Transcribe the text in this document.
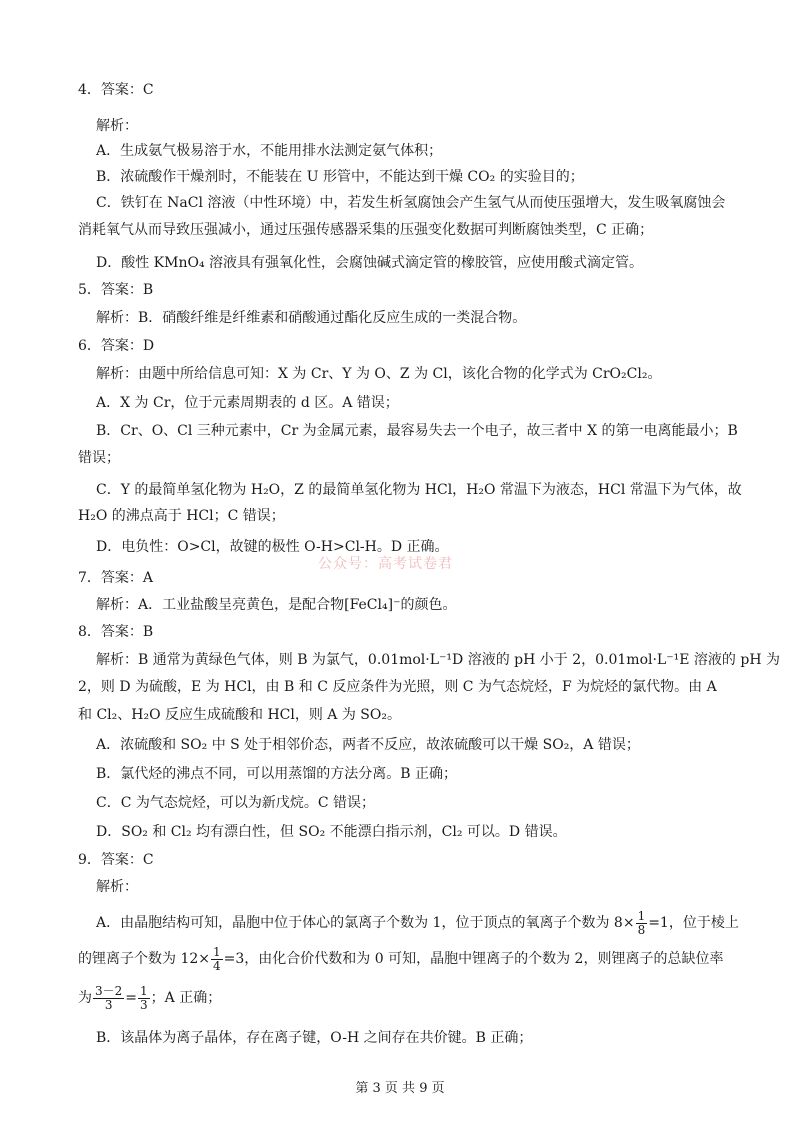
4．答案：C
解析：
A．生成氨气极易溶于水，不能用排水法测定氨气体积；
B．浓硫酸作干燥剂时，不能装在 U 形管中，不能达到干燥 CO₂ 的实验目的；
C．铁钉在 NaCl 溶液（中性环境）中，若发生析氢腐蚀会产生氢气从而使压强增大，发生吸氧腐蚀会
消耗氧气从而导致压强减小，通过压强传感器采集的压强变化数据可判断腐蚀类型，C 正确；
D．酸性 KMnO₄ 溶液具有强氧化性，会腐蚀碱式滴定管的橡胶管，应使用酸式滴定管。
5．答案：B
解析：B．硝酸纤维是纤维素和硝酸通过酯化反应生成的一类混合物。
6．答案：D
解析：由题中所给信息可知：X 为 Cr、Y 为 O、Z 为 Cl，该化合物的化学式为 CrO₂Cl₂。
A．X 为 Cr，位于元素周期表的 d 区。A 错误；
B．Cr、O、Cl 三种元素中，Cr 为金属元素，最容易失去一个电子，故三者中 X 的第一电离能最小；B
错误；
C．Y 的最简单氢化物为 H₂O，Z 的最简单氢化物为 HCl，H₂O 常温下为液态，HCl 常温下为气体，故
H₂O 的沸点高于 HCl；C 错误；
D．电负性：O>Cl，故键的极性 O-H>Cl-H。D 正确。
公众号：高考试卷君
7．答案：A
解析：A．工业盐酸呈亮黄色，是配合物[FeCl₄]⁻的颜色。
8．答案：B
解析：B 通常为黄绿色气体，则 B 为氯气，0.01mol·L⁻¹D 溶液的 pH 小于 2，0.01mol·L⁻¹E 溶液的 pH 为
2，则 D 为硫酸，E 为 HCl，由 B 和 C 反应条件为光照，则 C 为气态烷烃，F 为烷烃的氯代物。由 A
和 Cl₂、H₂O 反应生成硫酸和 HCl，则 A 为 SO₂。
A．浓硫酸和 SO₂ 中 S 处于相邻价态，两者不反应，故浓硫酸可以干燥 SO₂，A 错误；
B．氯代烃的沸点不同，可以用蒸馏的方法分离。B 正确；
C．C 为气态烷烃，可以为新戊烷。C 错误；
D．SO₂ 和 Cl₂ 均有漂白性，但 SO₂ 不能漂白指示剂，Cl₂ 可以。D 错误。
9．答案：C
解析：
A．由晶胞结构可知，晶胞中位于体心的氯离子个数为 1，位于顶点的氧离子个数为 $8\times \frac{1}{8} =1$，位于棱上
的锂离子个数为 $12\times \frac{1}{4} =3$，由化合价代数和为 0 可知，晶胞中锂离子的个数为 2，则锂离子的总缺位率
为 $\frac{3-2}{3} = \frac{1}{3}$ ；A 正确；
B．该晶体为离子晶体，存在离子键，O-H 之间存在共价键。B 正确；
第 3 页 共 9 页
